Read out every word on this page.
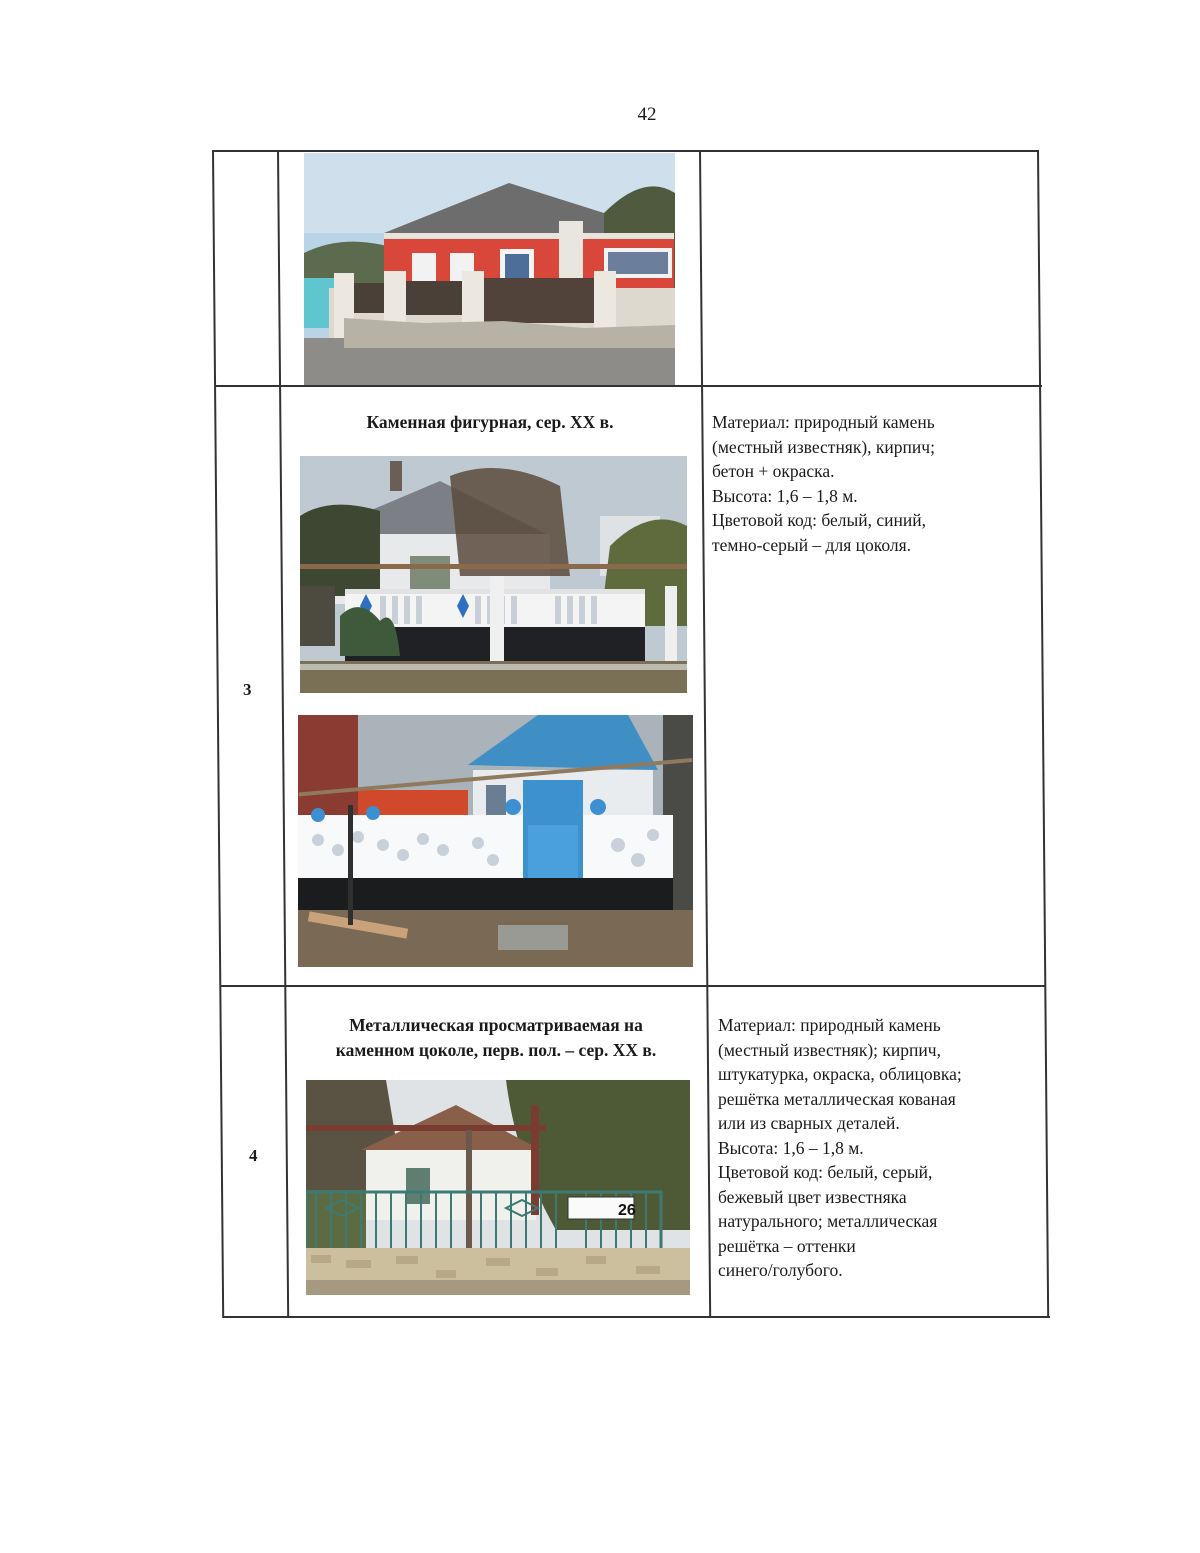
42
3
Каменная фигурная, сер. XX в.	Материал: природный камень
(местный известняк), кирпич;
бетон + окраска.
Высота: 1,6 – 1,8 м.
Цветовой код: белый, синий,
темно-серый – для цоколя.
4
Металлическая просматриваемая на
каменном цоколе, перв. пол. – сер. XX в.
Материал: природный камень
(местный известняк); кирпич,
штукатурка, окраска, облицовка;
решётка металлическая кованая
или из сварных деталей.
Высота: 1,6 – 1,8 м.
Цветовой код: белый, серый,
бежевый цвет известняка
натурального; металлическая
решётка – оттенки
синего/голубого.
26
